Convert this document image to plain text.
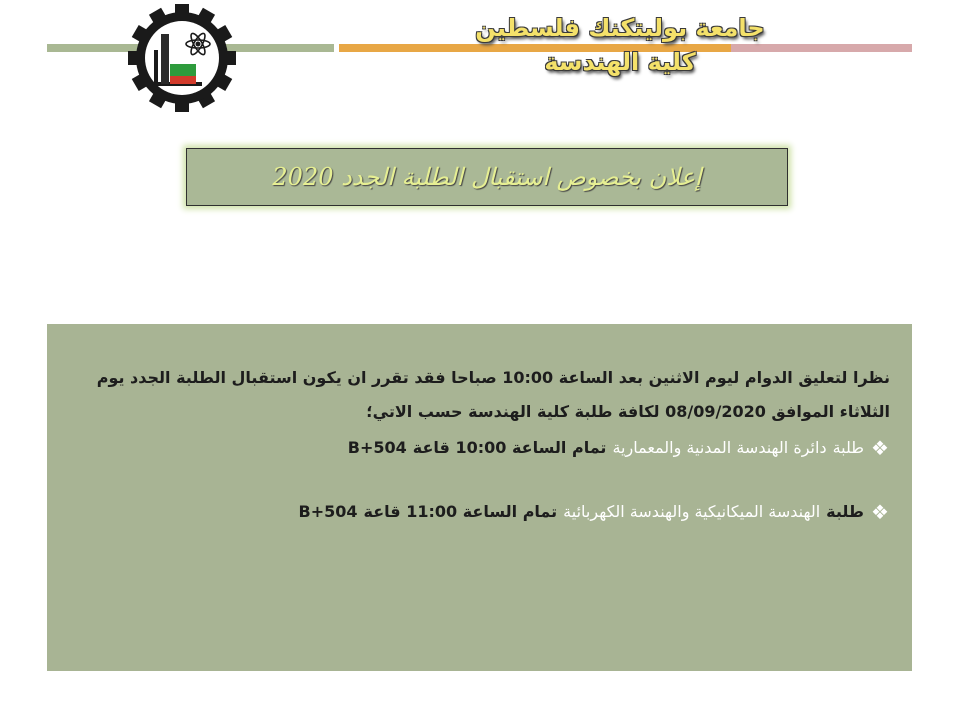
جامعة بوليتكنك فلسطين
كلية الهندسة
إعلان بخصوص استقبال الطلبة الجدد 2020
نظرا لتعليق الدوام ليوم الاثنين بعد الساعة 10:00 صباحا فقد تقرر ان يكون استقبال الطلبة الجدد يوم
الثلاثاء الموافق 08/09/2020 لكافة طلبة كلية الهندسة حسب الاتي؛
❖
طلبة
دائرة الهندسة المدنية والمعمارية
تمام الساعة 10:00 قاعة
B+504
❖
طلبة
الهندسة الميكانيكية والهندسة الكهربائية
تمام الساعة 11:00 قاعة
B+504
